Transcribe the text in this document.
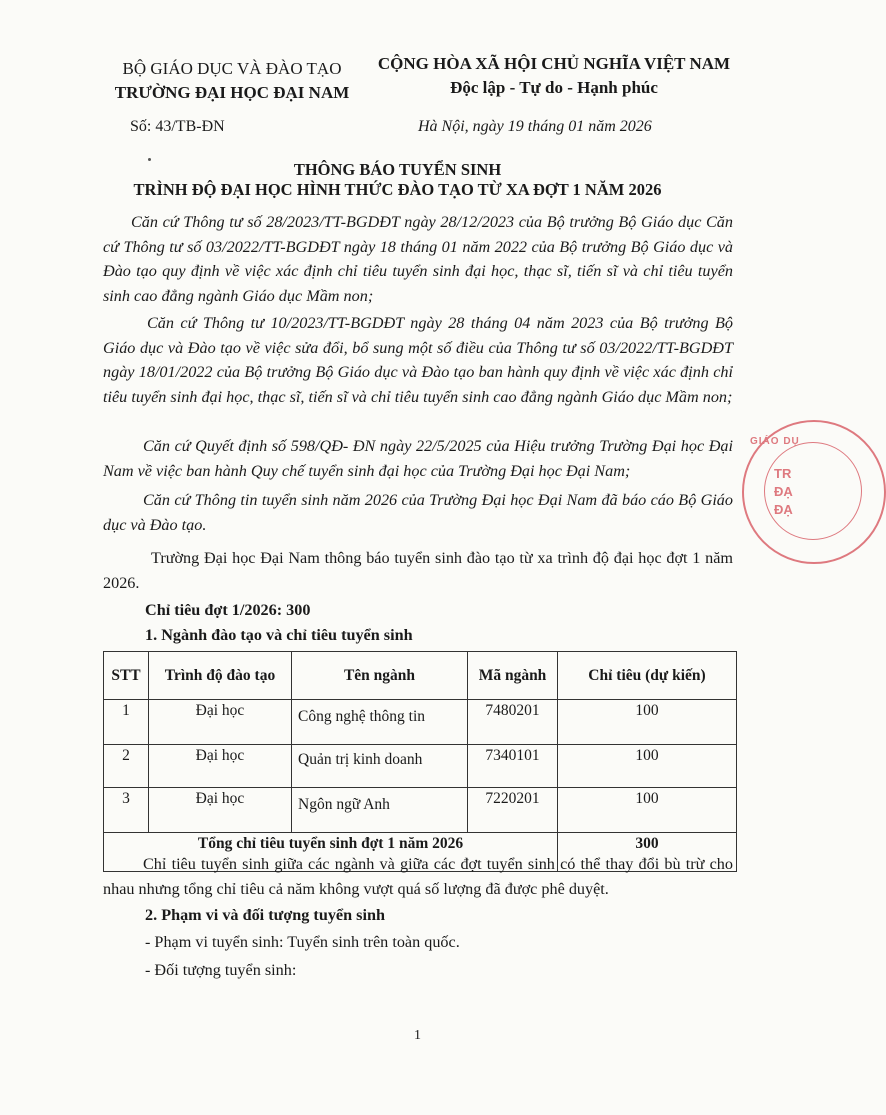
BỘ GIÁO DỤC VÀ ĐÀO TẠO
TRƯỜNG ĐẠI HỌC ĐẠI NAM
CỘNG HÒA XÃ HỘI CHỦ NGHĨA VIỆT NAM
Độc lập - Tự do - Hạnh phúc
Số: 43/TB-ĐN	Hà Nội, ngày 19 tháng 01 năm 2026
THÔNG BÁO TUYỂN SINH
TRÌNH ĐỘ ĐẠI HỌC HÌNH THỨC ĐÀO TẠO TỪ XA ĐỢT 1 NĂM 2026
Căn cứ Thông tư số 28/2023/TT-BGDĐT ngày 28/12/2023 của Bộ trưởng Bộ Giáo dục Căn cứ Thông tư số 03/2022/TT-BGDĐT ngày 18 tháng 01 năm 2022 của Bộ trưởng Bộ Giáo dục và Đào tạo quy định về việc xác định chỉ tiêu tuyển sinh đại học, thạc sĩ, tiến sĩ và chỉ tiêu tuyển sinh cao đẳng ngành Giáo dục Mầm non;
Căn cứ Thông tư 10/2023/TT-BGDĐT ngày 28 tháng 04 năm 2023 của Bộ trưởng Bộ Giáo dục và Đào tạo về việc sửa đổi, bổ sung một số điều của Thông tư số 03/2022/TT-BGDĐT ngày 18/01/2022 của Bộ trưởng Bộ Giáo dục và Đào tạo ban hành quy định về việc xác định chỉ tiêu tuyển sinh đại học, thạc sĩ, tiến sĩ và chỉ tiêu tuyển sinh cao đẳng ngành Giáo dục Mầm non;
Căn cứ Quyết định số 598/QĐ- ĐN ngày 22/5/2025 của Hiệu trưởng Trường Đại học Đại Nam về việc ban hành Quy chế tuyển sinh đại học của Trường Đại học Đại Nam;
Căn cứ Thông tin tuyển sinh năm 2026 của Trường Đại học Đại Nam đã báo cáo Bộ Giáo dục và Đào tạo.
Trường Đại học Đại Nam thông báo tuyển sinh đào tạo từ xa trình độ đại học đợt 1 năm 2026.
Chỉ tiêu đợt 1/2026: 300
1. Ngành đào tạo và chỉ tiêu tuyển sinh
STT	Trình độ đào tạo	Tên ngành	Mã ngành	Chỉ tiêu (dự kiến)
1	Đại học	Công nghệ thông tin	7480201	100
2	Đại học	Quản trị kinh doanh	7340101	100
3	Đại học	Ngôn ngữ Anh	7220201	100
Tổng chỉ tiêu tuyển sinh đợt 1 năm 2026				300
Chỉ tiêu tuyển sinh giữa các ngành và giữa các đợt tuyển sinh có thể thay đổi bù trừ cho nhau nhưng tổng chỉ tiêu cả năm không vượt quá số lượng đã được phê duyệt.
2. Phạm vi và đối tượng tuyển sinh
- Phạm vi tuyển sinh: Tuyển sinh trên toàn quốc.
- Đối tượng tuyển sinh:
1
GIÁO DỤ
TR
ĐẠ
ĐẠ
